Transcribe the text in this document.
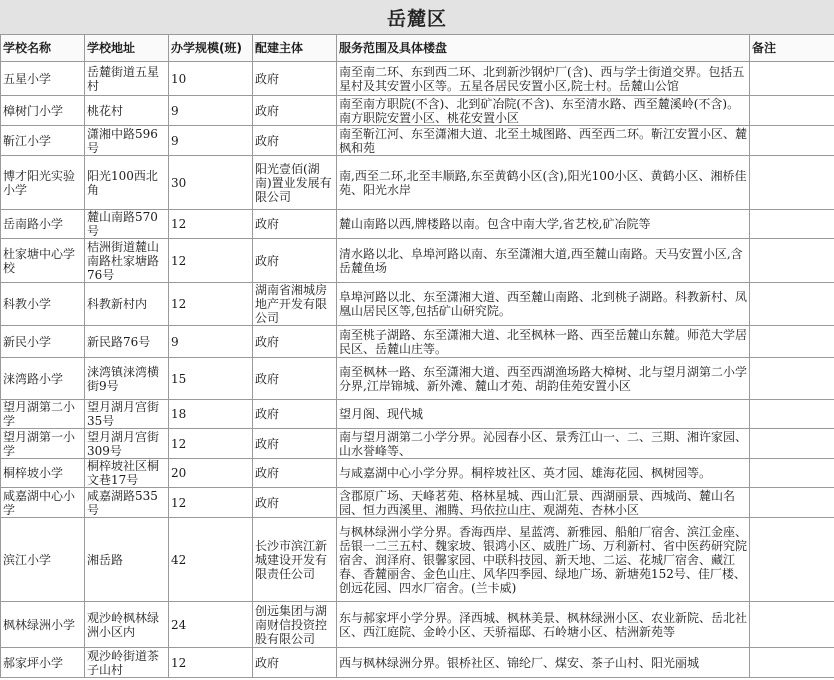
岳麓区
学校名称	学校地址	办学规模(班)	配建主体	服务范围及具体楼盘	备注
五星小学	岳麓街道五星村	10	政府	南至南二环、东到西二环、北到新沙钢炉厂(含)、西与学士街道交界。包括五星村及其安置小区等。五星各居民安置小区,院士村。岳麓山公馆	
樟树门小学	桃花村	9	政府	南至南方职院(不含)、北到矿冶院(不含)、东至清水路、西至麓溪岭(不含)。南方职院安置小区、桃花安置小区	
靳江小学	潇湘中路596号	9	政府	南至靳江河、东至潇湘大道、北至土城图路、西至西二环。靳江安置小区、麓枫和苑	
博才阳光实验小学	阳光100西北角	30	阳光壹佰(湖南)置业发展有限公司	南,西至二环,北至丰顺路,东至黄鹤小区(含),阳光100小区、黄鹤小区、湘桥佳苑、阳光水岸	
岳南路小学	麓山南路570号	12	政府	麓山南路以西,牌楼路以南。包含中南大学,省艺校,矿冶院等	
杜家塘中心学校	桔洲街道麓山南路杜家塘路76号	12	政府	清水路以北、阜埠河路以南、东至潇湘大道,西至麓山南路。天马安置小区,含岳麓鱼场	
科教小学	科教新村内	12	湖南省湘城房地产开发有限公司	阜埠河路以北、东至潇湘大道、西至麓山南路、北到桃子湖路。科教新村、凤凰山居民区等,包括矿山研究院。	
新民小学	新民路76号	9	政府	南至桃子湖路、东至潇湘大道、北至枫林一路、西至岳麓山东麓。师范大学居民区、岳麓山庄等。	
涞湾路小学	涞湾镇涞湾横街9号	15	政府	南至枫林一路、东至潇湘大道、西至西湖渔场路大樟树、北与望月湖第二小学分界,江岸锦城、新外滩、麓山才苑、胡韵佳苑安置小区	
望月湖第二小学	望月湖月宫街35号	18	政府	望月阁、现代城	
望月湖第一小学	望月湖月宫街309号	12	政府	南与望月湖第二小学分界。沁园春小区、景秀江山一、二、三期、湘许家园、山水誉峰等、	
桐梓坡小学	桐梓坡社区桐文巷17号	20	政府	与咸嘉湖中心小学分界。桐梓坡社区、英才园、雄海花园、枫树园等。	
咸嘉湖中心小学	咸嘉湖路535号	12	政府	含郡原广场、天峰茗苑、格林星城、西山汇景、西湖丽景、西城尚、麓山名园、恒力西溪里、湘腾、玛依拉山庄、观湖苑、杏林小区	
滨江小学	湘岳路	42	长沙市滨江新城建设开发有限责任公司	与枫林绿洲小学分界。香海西岸、星蓝湾、新雅园、船舶厂宿舍、滨江金座、岳银一二三五村、魏家坡、银鸿小区、威胜广场、万利新村、省中医药研究院宿舍、润泽府、银馨家园、中联科技园、新天地、二运、花城厂宿舍、藏江春、香麓丽舍、金色山庄、风华四季园、绿地广场、新塘苑152号、佳厂楼、创远花园、四水厂宿舍。(兰卡威)	
枫林绿洲小学	观沙岭枫林绿洲小区内	24	创远集团与湖南财信投资控股有限公司	东与郝家坪小学分界。泽西城、枫林美景、枫林绿洲小区、农业新院、岳北社区、西江庭院、金岭小区、天骄福邸、石岭塘小区、桔洲新苑等	
郝家坪小学	观沙岭街道茶子山村	12	政府	西与枫林绿洲分界。银桥社区、锦纶厂、煤安、茶子山村、阳光丽城	
